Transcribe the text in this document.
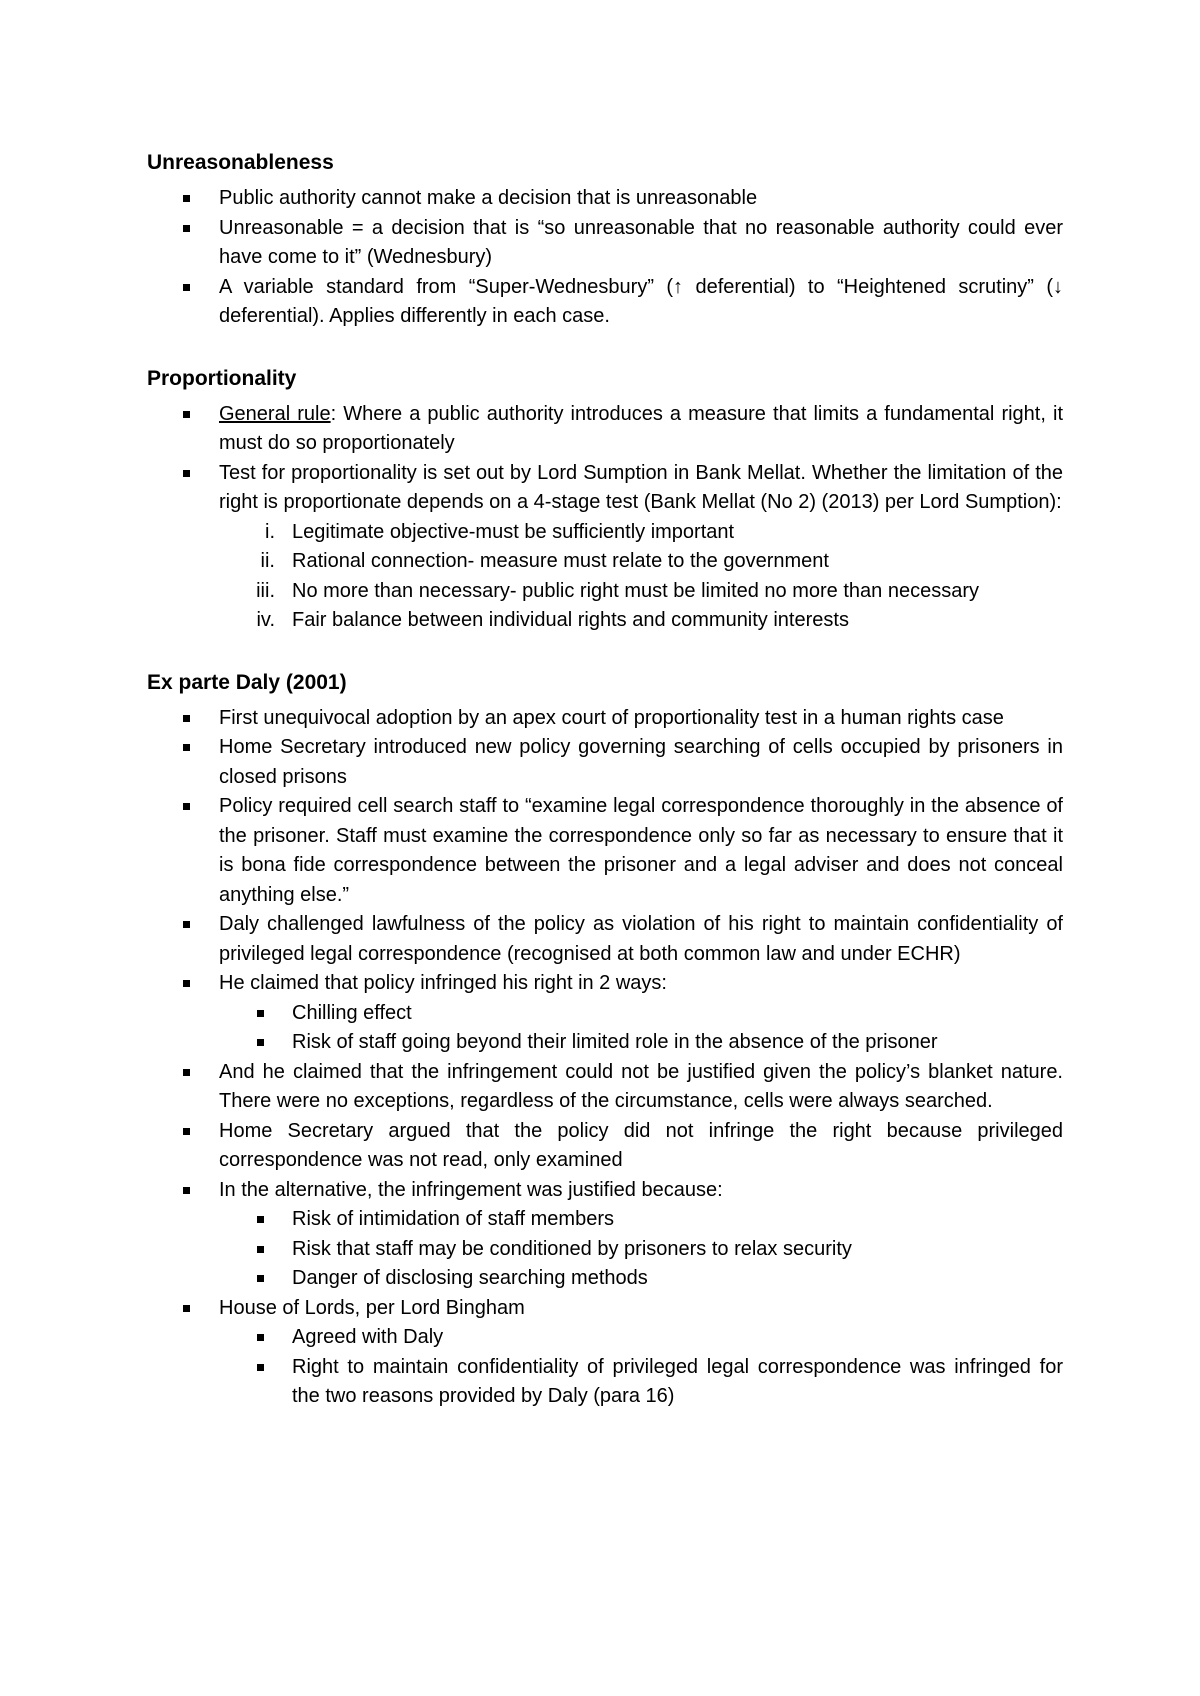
Unreasonableness
Public authority cannot make a decision that is unreasonable
Unreasonable = a decision that is “so unreasonable that no reasonable authority could ever have come to it” (Wednesbury)
A variable standard from “Super-Wednesbury” (↑ deferential) to “Heightened scrutiny” (↓ deferential). Applies differently in each case.
Proportionality
General rule: Where a public authority introduces a measure that limits a fundamental right, it must do so proportionately
Test for proportionality is set out by Lord Sumption in Bank Mellat. Whether the limitation of the right is proportionate depends on a 4-stage test (Bank Mellat (No 2) (2013) per Lord Sumption):
i. Legitimate objective-must be sufficiently important
ii. Rational connection- measure must relate to the government
iii. No more than necessary- public right must be limited no more than necessary
iv. Fair balance between individual rights and community interests
Ex parte Daly (2001)
First unequivocal adoption by an apex court of proportionality test in a human rights case
Home Secretary introduced new policy governing searching of cells occupied by prisoners in closed prisons
Policy required cell search staff to “examine legal correspondence thoroughly in the absence of the prisoner. Staff must examine the correspondence only so far as necessary to ensure that it is bona fide correspondence between the prisoner and a legal adviser and does not conceal anything else.”
Daly challenged lawfulness of the policy as violation of his right to maintain confidentiality of privileged legal correspondence (recognised at both common law and under ECHR)
He claimed that policy infringed his right in 2 ways:
Chilling effect
Risk of staff going beyond their limited role in the absence of the prisoner
And he claimed that the infringement could not be justified given the policy’s blanket nature. There were no exceptions, regardless of the circumstance, cells were always searched.
Home Secretary argued that the policy did not infringe the right because privileged correspondence was not read, only examined
In the alternative, the infringement was justified because:
Risk of intimidation of staff members
Risk that staff may be conditioned by prisoners to relax security
Danger of disclosing searching methods
House of Lords, per Lord Bingham
Agreed with Daly
Right to maintain confidentiality of privileged legal correspondence was infringed for the two reasons provided by Daly (para 16)
